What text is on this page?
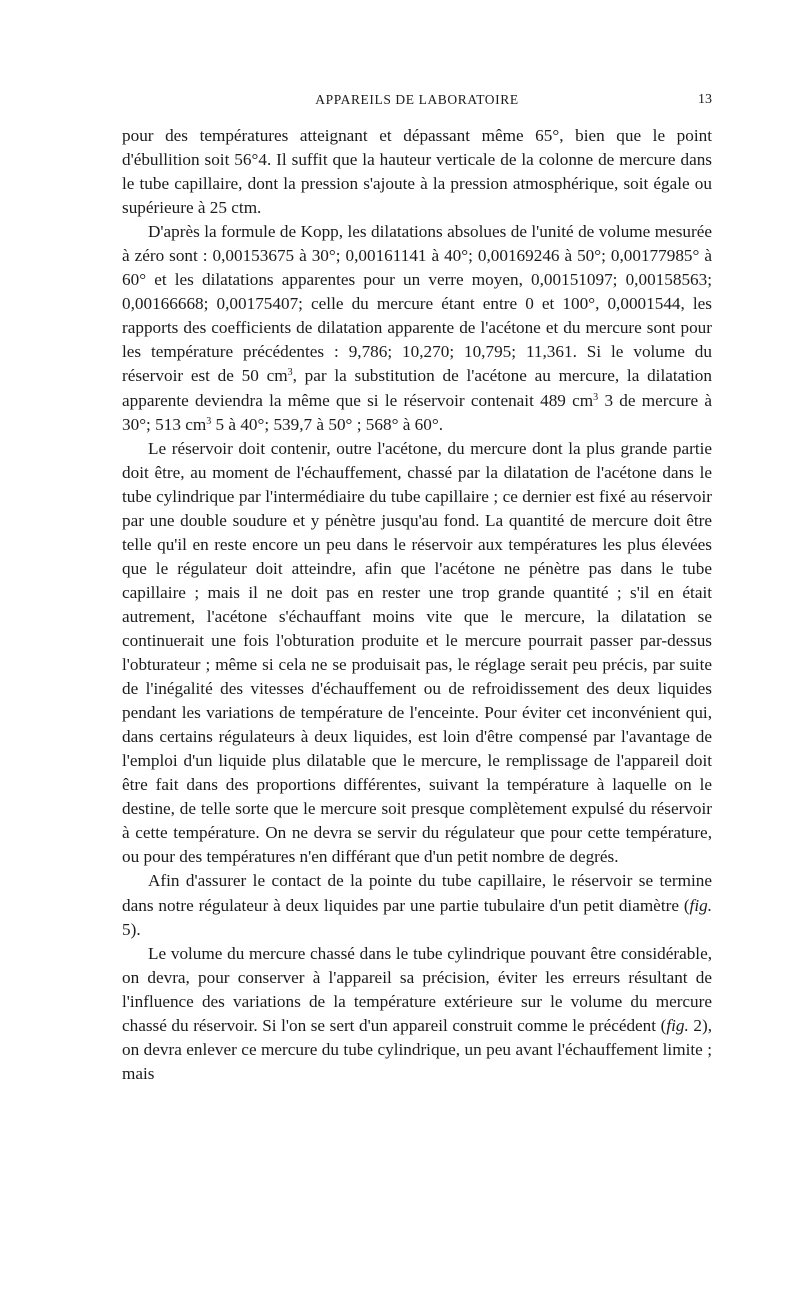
APPAREILS DE LABORATOIRE	13

pour des températures atteignant et dépassant même 65°, bien que le point d'ébullition soit 56°4. Il suffit que la hauteur verticale de la colonne de mercure dans le tube capillaire, dont la pression s'ajoute à la pression atmosphérique, soit égale ou supérieure à 25 ctm.

D'après la formule de Kopp, les dilatations absolues de l'unité de volume mesurée à zéro sont : 0,00153675 à 30°; 0,00161141 à 40°; 0,00169246 à 50°; 0,00177985° à 60° et les dilatations apparentes pour un verre moyen, 0,00151097; 0,00158563; 0,00166668; 0,00175407; celle du mercure étant entre 0 et 100°, 0,0001544, les rapports des coefficients de dilatation apparente de l'acétone et du mercure sont pour les température précédentes : 9,786; 10,270; 10,795; 11,361. Si le volume du réservoir est de 50 $cm^3$, par la substitution de l'acétone au mercure, la dilatation apparente deviendra la même que si le réservoir contenait 489 $cm^3$ 3 de mercure à 30°; 513 $cm^3$ 5 à 40°; 539,7 à 50° ; 568° à 60°.

Le réservoir doit contenir, outre l'acétone, du mercure dont la plus grande partie doit être, au moment de l'échauffement, chassé par la dilatation de l'acétone dans le tube cylindrique par l'intermédiaire du tube capillaire ; ce dernier est fixé au réservoir par une double soudure et y pénètre jusqu'au fond. La quantité de mercure doit être telle qu'il en reste encore un peu dans le réservoir aux températures les plus élevées que le régulateur doit atteindre, afin que l'acétone ne pénètre pas dans le tube capillaire ; mais il ne doit pas en rester une trop grande quantité ; s'il en était autrement, l'acétone s'échauffant moins vite que le mercure, la dilatation se continuerait une fois l'obturation produite et le mercure pourrait passer par-dessus l'obturateur ; même si cela ne se produisait pas, le réglage serait peu précis, par suite de l'inégalité des vitesses d'échauffement ou de refroidissement des deux liquides pendant les variations de température de l'enceinte. Pour éviter cet inconvénient qui, dans certains régulateurs à deux liquides, est loin d'être compensé par l'avantage de l'emploi d'un liquide plus dilatable que le mercure, le remplissage de l'appareil doit être fait dans des proportions différentes, suivant la température à laquelle on le destine, de telle sorte que le mercure soit presque complètement expulsé du réservoir à cette température. On ne devra se servir du régulateur que pour cette température, ou pour des températures n'en différant que d'un petit nombre de degrés.

Afin d'assurer le contact de la pointe du tube capillaire, le réservoir se termine dans notre régulateur à deux liquides par une partie tubulaire d'un petit diamètre (fig. 5).

Le volume du mercure chassé dans le tube cylindrique pouvant être considérable, on devra, pour conserver à l'appareil sa précision, éviter les erreurs résultant de l'influence des variations de la température extérieure sur le volume du mercure chassé du réservoir. Si l'on se sert d'un appareil construit comme le précédent (fig. 2), on devra enlever ce mercure du tube cylindrique, un peu avant l'échauffement limite ; mais
